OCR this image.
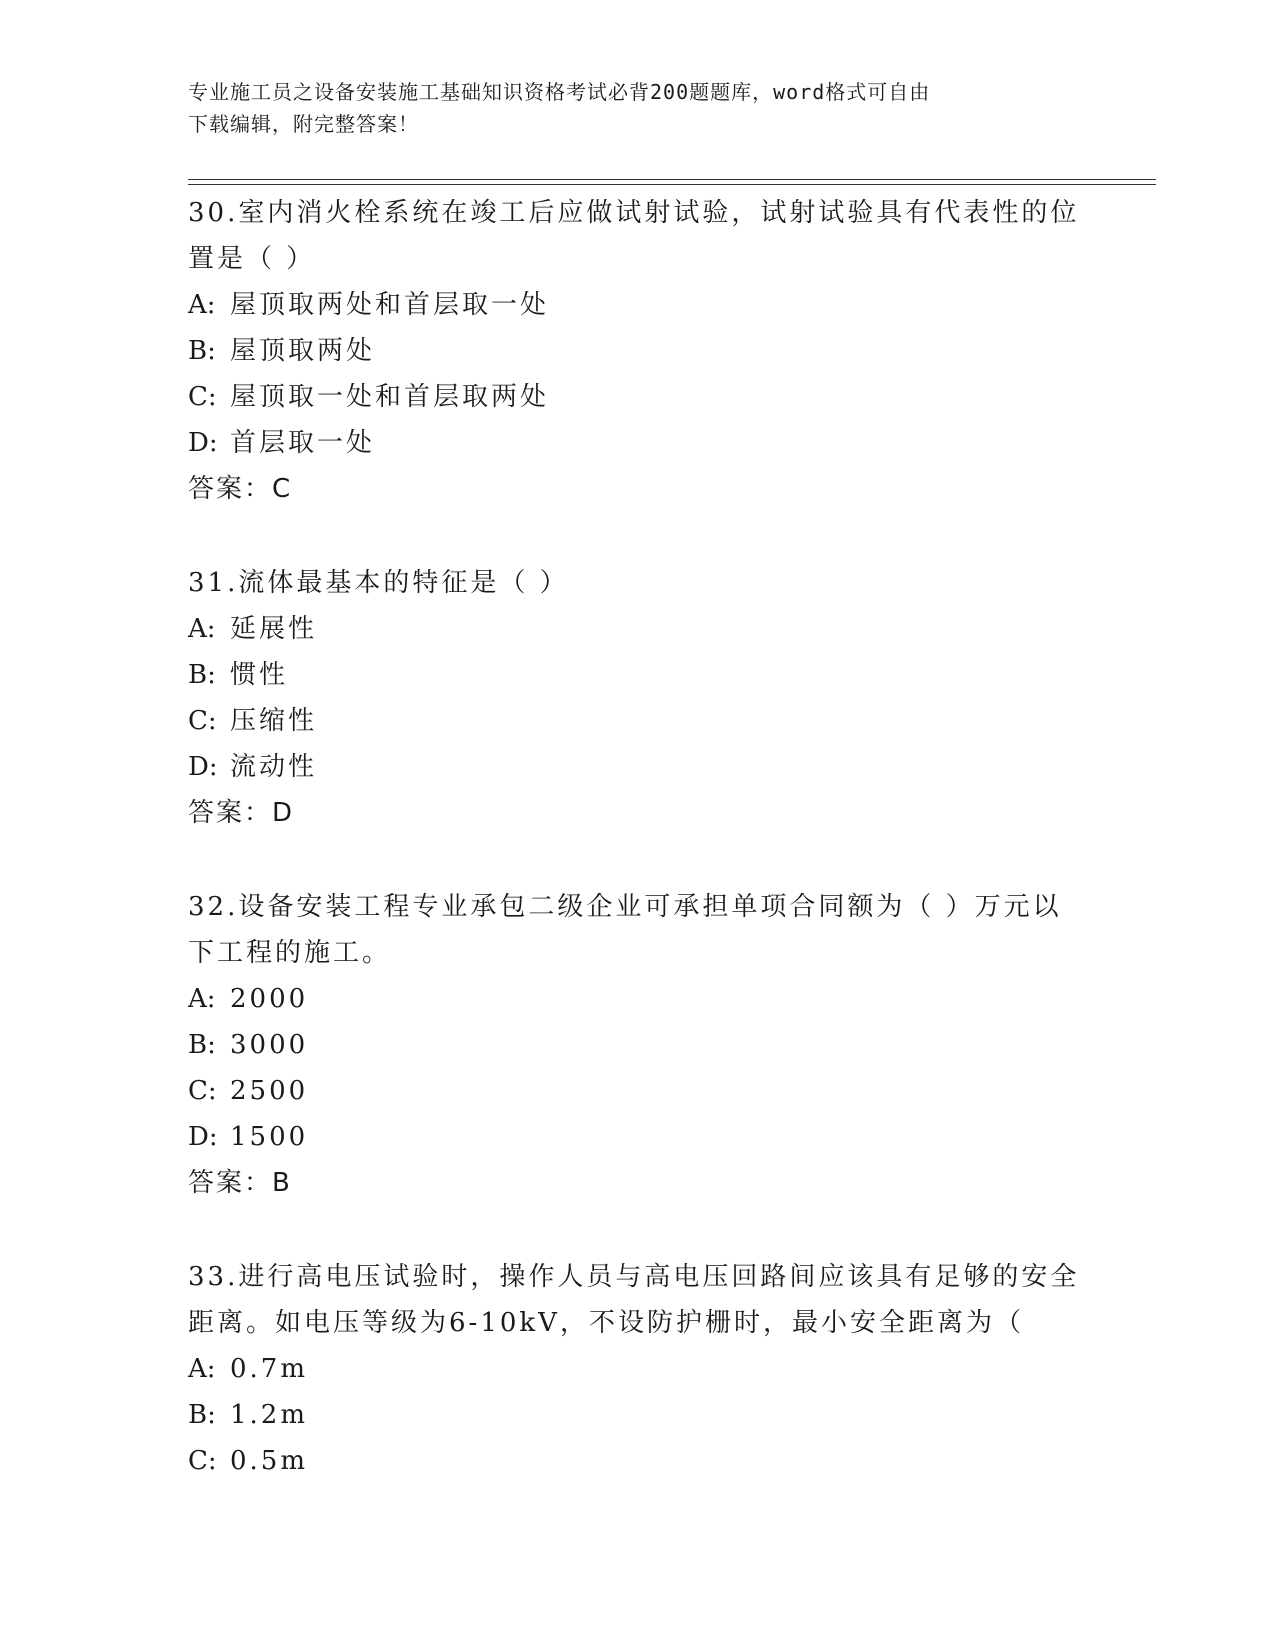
专业施工员之设备安装施工基础知识资格考试必背200题题库，word格式可自由
下载编辑，附完整答案！

30.室内消火栓系统在竣工后应做试射试验，试射试验具有代表性的位

置是（ ）

A: 屋顶取两处和首层取一处

B: 屋顶取两处

C: 屋顶取一处和首层取两处

D: 首层取一处

答案：C

31.流体最基本的特征是（ ）

A: 延展性

B: 惯性

C: 压缩性

D: 流动性

答案：D

32.设备安装工程专业承包二级企业可承担单项合同额为（ ）万元以

下工程的施工。

A: 2000

B: 3000

C: 2500

D: 1500

答案：B

33.进行高电压试验时，操作人员与高电压回路间应该具有足够的安全

距离。如电压等级为6-10kV，不设防护栅时，最小安全距离为（

A: 0.7m

B: 1.2m

C: 0.5m
